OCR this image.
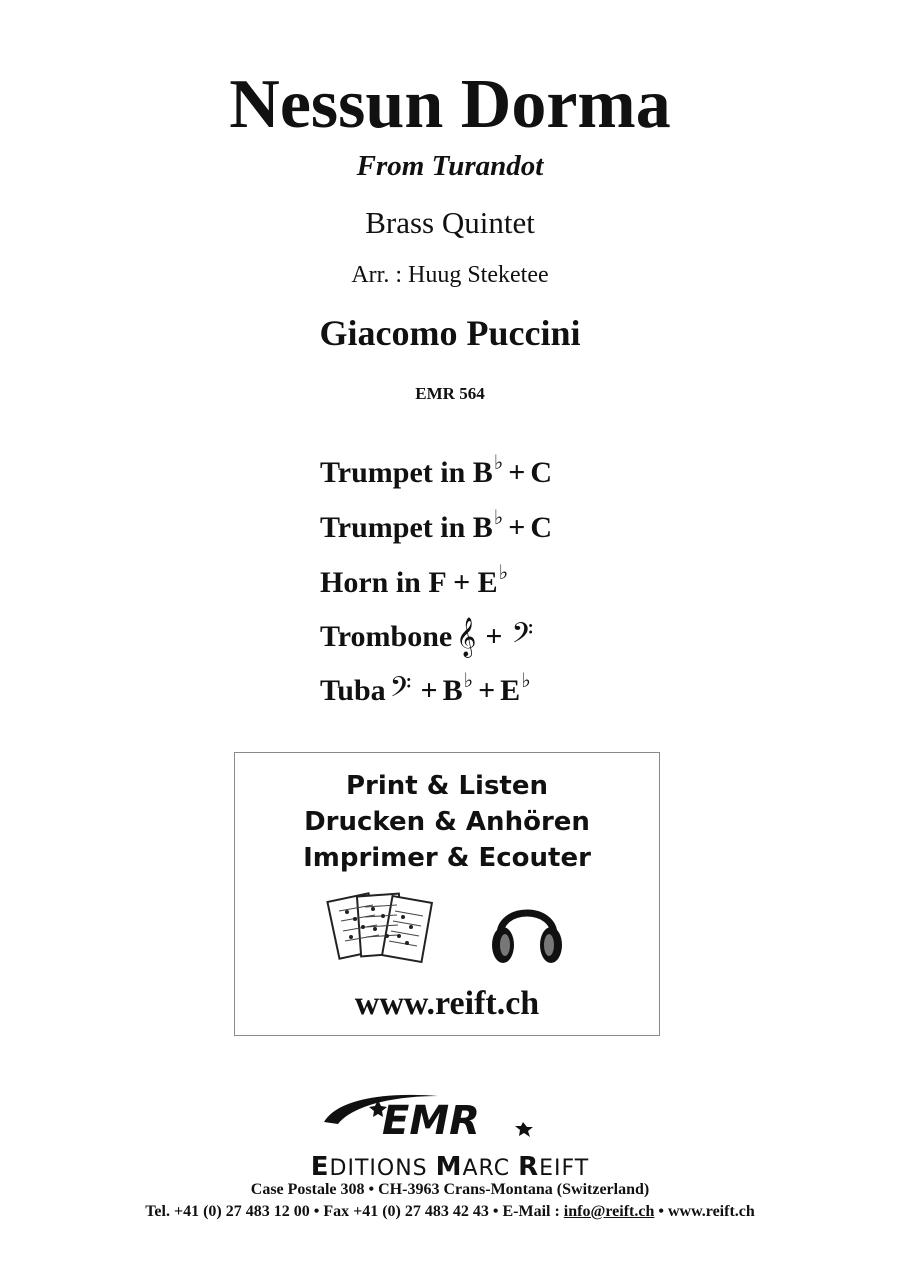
Nessun Dorma
From Turandot
Brass Quintet
Arr. : Huug Steketee
Giacomo Puccini
EMR 564
Trumpet in B ♭ + C
Trumpet in B ♭ + C
Horn in F + E ♭
Trombone 𝄞 + 𝄢
Tuba 𝄢 + B ♭ + E ♭
Print & Listen
Drucken & Anhören
Imprimer & Ecouter
www.reift.ch
EMR
EDITIONS MARC REIFT
Case Postale 308 • CH-3963 Crans-Montana (Switzerland)
Tel. +41 (0) 27 483 12 00 • Fax +41 (0) 27 483 42 43 • E-Mail : info@reift.ch • www.reift.ch
